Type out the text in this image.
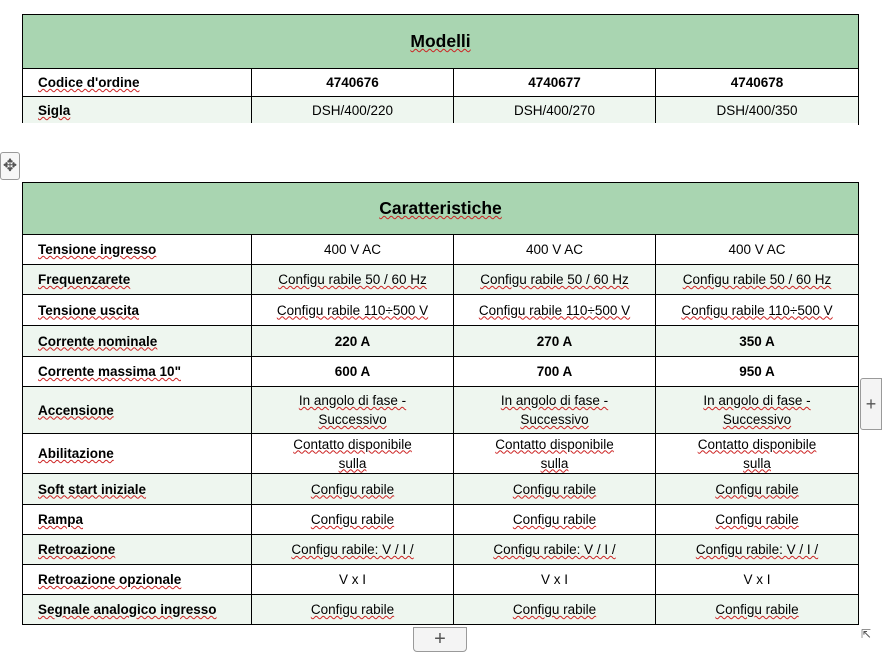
Modelli			
Codice d'ordine	4740676	4740677	4740678
Sigla	DSH/400/220	DSH/400/270	DSH/400/350
✥
Caratteristiche			
Tensione ingresso	400 V AC	400 V AC	400 V AC
Frequenzarete	Configu rabile 50 / 60 Hz	Configu rabile 50 / 60 Hz	Configu rabile 50 / 60 Hz
Tensione uscita	Configu rabile 110÷500 V	Configu rabile 110÷500 V	Configu rabile 110÷500 V
Corrente nominale	220 A	270 A	350 A
Corrente massima 10"	600 A	700 A	950 A
Accensione	In angolo di fase - Successivo	In angolo di fase - Successivo	In angolo di fase - Successivo

Abilitazione	Contatto disponibile sulla	Contatto disponibile sulla	Contatto disponibile sulla

Soft start iniziale	Configu rabile	Configu rabile	Configu rabile
Rampa	Configu rabile	Configu rabile	Configu rabile
Retroazione	Configu rabile: V / I /	Configu rabile: V / I /	Configu rabile: V / I /
Retroazione opzionale	V x I	V x I	V x I
Segnale analogico ingresso	Configu rabile	Configu rabile	Configu rabile
+
+	⇱
